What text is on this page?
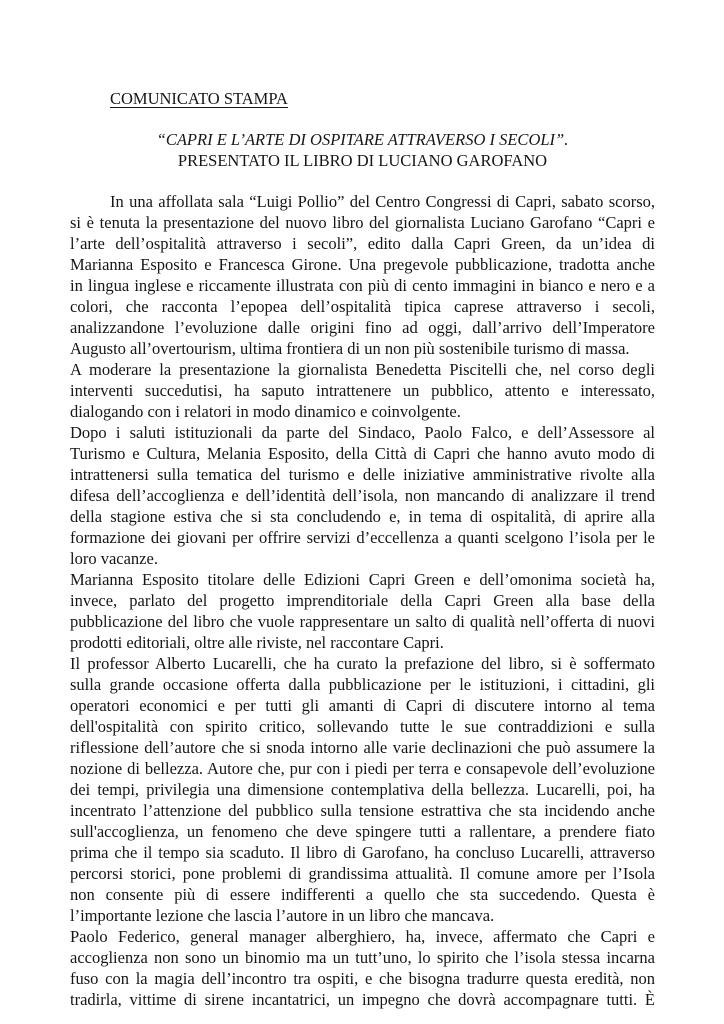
COMUNICATO STAMPA

“CAPRI E L’ARTE DI OSPITARE ATTRAVERSO I SECOLI”.
PRESENTATO IL LIBRO DI LUCIANO GAROFANO
In una affollata sala “Luigi Pollio” del Centro Congressi di Capri, sabato scorso,
si è tenuta la presentazione del nuovo libro del giornalista Luciano Garofano “Capri e
l’arte dell’ospitalità attraverso i secoli”, edito dalla Capri Green, da un’idea di
Marianna Esposito e Francesca Girone. Una pregevole pubblicazione, tradotta anche
in lingua inglese e riccamente illustrata con più di cento immagini in bianco e nero e a
colori, che racconta l’epopea dell’ospitalità tipica caprese attraverso i secoli,
analizzandone l’evoluzione dalle origini fino ad oggi, dall’arrivo dell’Imperatore
Augusto all’overtourism, ultima frontiera di un non più sostenibile turismo di massa.
A moderare la presentazione la giornalista Benedetta Piscitelli che, nel corso degli
interventi succedutisi, ha saputo intrattenere un pubblico, attento e interessato,
dialogando con i relatori in modo dinamico e coinvolgente.
Dopo i saluti istituzionali da parte del Sindaco, Paolo Falco, e dell’Assessore al
Turismo e Cultura, Melania Esposito, della Città di Capri che hanno avuto modo di
intrattenersi sulla tematica del turismo e delle iniziative amministrative rivolte alla
difesa dell’accoglienza e dell’identità dell’isola, non mancando di analizzare il trend
della stagione estiva che si sta concludendo e, in tema di ospitalità, di aprire alla
formazione dei giovani per offrire servizi d’eccellenza a quanti scelgono l’isola per le
loro vacanze.
Marianna Esposito titolare delle Edizioni Capri Green e dell’omonima società ha,
invece, parlato del progetto imprenditoriale della Capri Green alla base della
pubblicazione del libro che vuole rappresentare un salto di qualità nell’offerta di nuovi
prodotti editoriali, oltre alle riviste, nel raccontare Capri.
Il professor Alberto Lucarelli, che ha curato la prefazione del libro, si è soffermato
sulla grande occasione offerta dalla pubblicazione per le istituzioni, i cittadini, gli
operatori economici e per tutti gli amanti di Capri di discutere intorno al tema
dell'ospitalità con spirito critico, sollevando tutte le sue contraddizioni e sulla
riflessione dell’autore che si snoda intorno alle varie declinazioni che può assumere la
nozione di bellezza. Autore che, pur con i piedi per terra e consapevole dell’evoluzione
dei tempi, privilegia una dimensione contemplativa della bellezza. Lucarelli, poi, ha
incentrato l’attenzione del pubblico sulla tensione estrattiva che sta incidendo anche
sull'accoglienza, un fenomeno che deve spingere tutti a rallentare, a prendere fiato
prima che il tempo sia scaduto. Il libro di Garofano, ha concluso Lucarelli, attraverso
percorsi storici, pone problemi di grandissima attualità. Il comune amore per l’Isola
non consente più di essere indifferenti a quello che sta succedendo. Questa è
l’importante lezione che lascia l’autore in un libro che mancava.
Paolo Federico, general manager alberghiero, ha, invece, affermato che Capri e
accoglienza non sono un binomio ma un tutt’uno, lo spirito che l’isola stessa incarna
fuso con la magia dell’incontro tra ospiti, e che bisogna tradurre questa eredità, non
tradirla, vittime di sirene incantatrici, un impegno che dovrà accompagnare tutti. È
